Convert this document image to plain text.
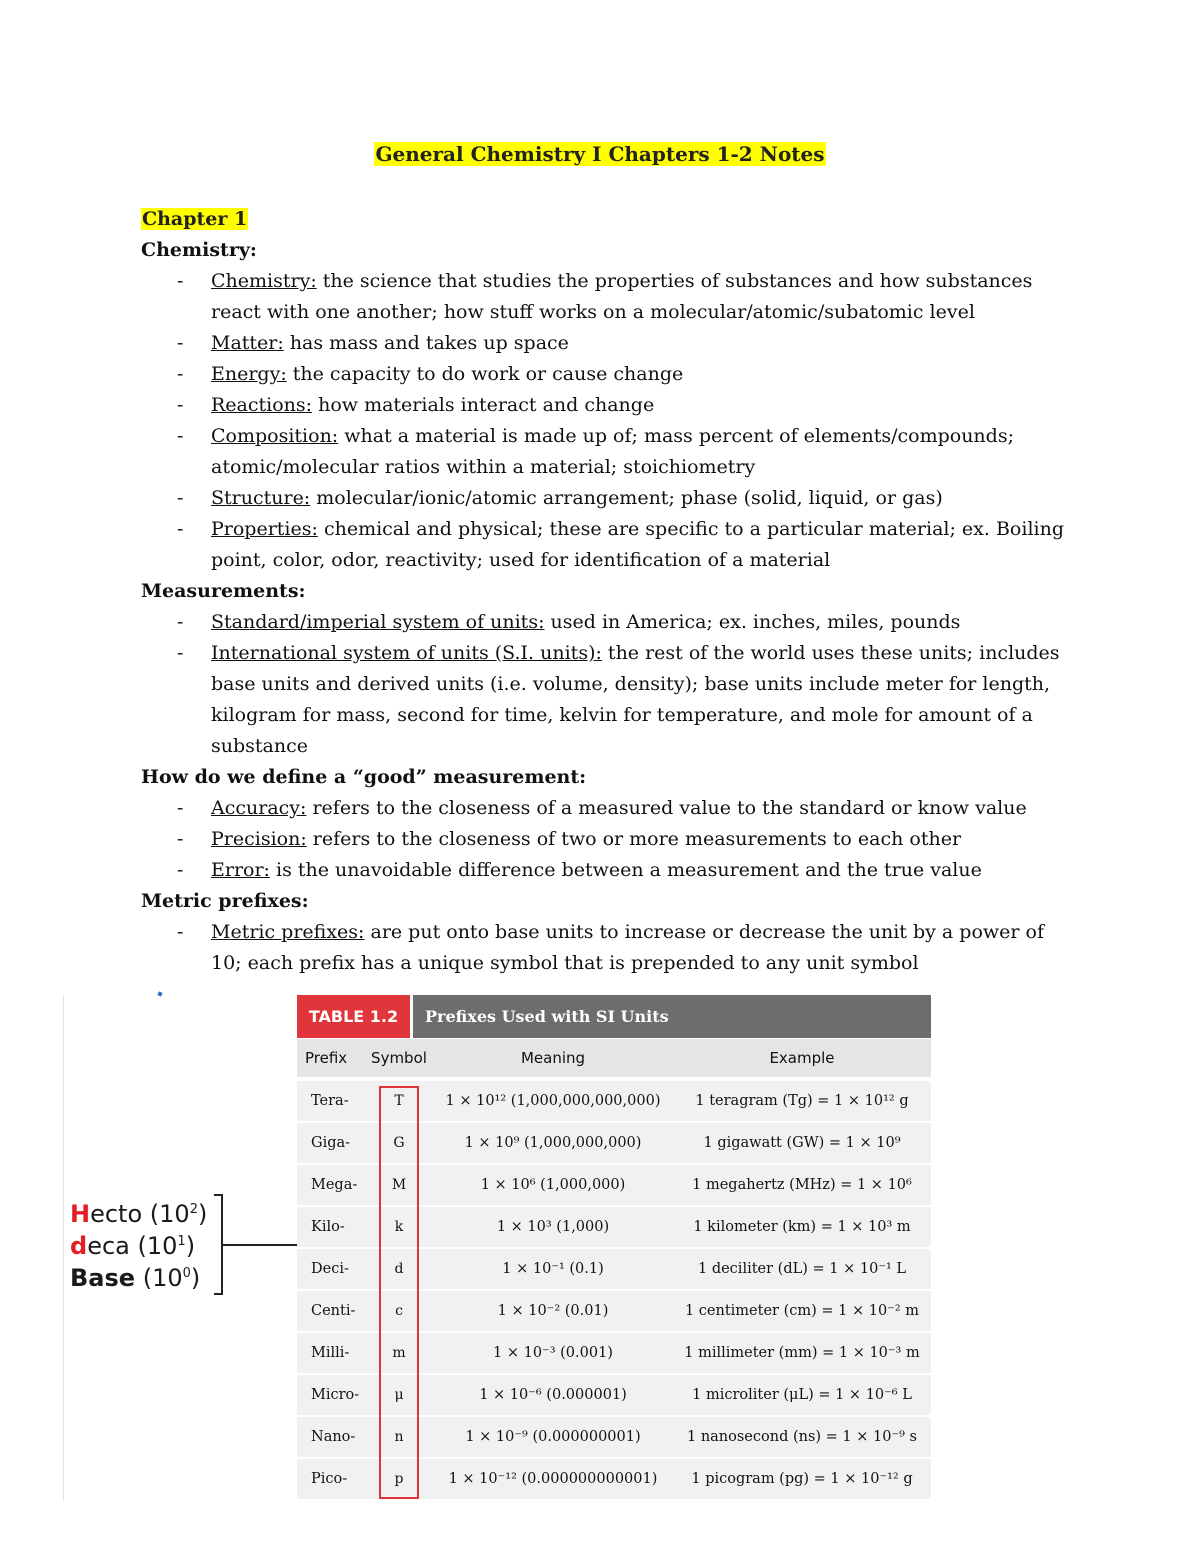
General Chemistry I Chapters 1-2 Notes
Chapter 1
Chemistry:
- Chemistry: the science that studies the properties of substances and how substances react with one another; how stuff works on a molecular/atomic/subatomic level
- Matter: has mass and takes up space
- Energy: the capacity to do work or cause change
- Reactions: how materials interact and change
- Composition: what a material is made up of; mass percent of elements/compounds; atomic/molecular ratios within a material; stoichiometry
- Structure: molecular/ionic/atomic arrangement; phase (solid, liquid, or gas)
- Properties: chemical and physical; these are specific to a particular material; ex. Boiling point, color, odor, reactivity; used for identification of a material
Measurements:
- Standard/imperial system of units: used in America; ex. inches, miles, pounds
- International system of units (S.I. units): the rest of the world uses these units; includes base units and derived units (i.e. volume, density); base units include meter for length, kilogram for mass, second for time, kelvin for temperature, and mole for amount of a substance
How do we define a “good” measurement:
- Accuracy: refers to the closeness of a measured value to the standard or know value
- Precision: refers to the closeness of two or more measurements to each other
- Error: is the unavoidable difference between a measurement and the true value
Metric prefixes:
- Metric prefixes: are put onto base units to increase or decrease the unit by a power of 10; each prefix has a unique symbol that is prepended to any unit symbol
Hecto $(10^2)$
deca $(10^1)$
Base $(10^0)$
TABLE 1.2	Prefixes Used with SI Units
Prefix	Symbol	Meaning	Example
Tera-	T	1 × 10¹² (1,000,000,000,000)	1 teragram (Tg) = 1 × 10¹² g
Giga-	G	1 × 10⁹ (1,000,000,000)	1 gigawatt (GW) = 1 × 10⁹
Mega-	M	1 × 10⁶ (1,000,000)	1 megahertz (MHz) = 1 × 10⁶
Kilo-	k	1 × 10³ (1,000)	1 kilometer (km) = 1 × 10³ m
Deci-	d	1 × 10⁻¹ (0.1)	1 deciliter (dL) = 1 × 10⁻¹ L
Centi-	c	1 × 10⁻² (0.01)	1 centimeter (cm) = 1 × 10⁻² m
Milli-	m	1 × 10⁻³ (0.001)	1 millimeter (mm) = 1 × 10⁻³ m
Micro-	μ	1 × 10⁻⁶ (0.000001)	1 microliter (μL) = 1 × 10⁻⁶ L
Nano-	n	1 × 10⁻⁹ (0.000000001)	1 nanosecond (ns) = 1 × 10⁻⁹ s
Pico-	p	1 × 10⁻¹² (0.000000000001)	1 picogram (pg) = 1 × 10⁻¹² g
